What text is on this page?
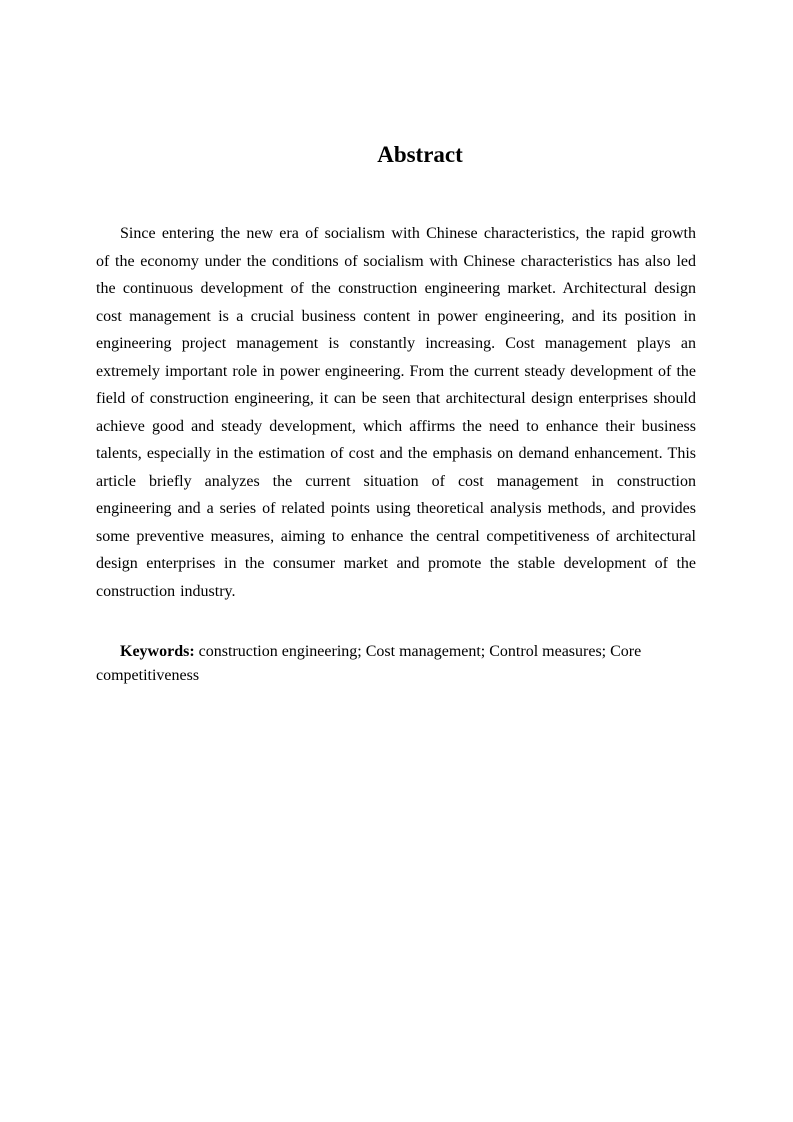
Abstract

Since entering the new era of socialism with Chinese characteristics, the rapid growth of the economy under the conditions of socialism with Chinese characteristics has also led the continuous development of the construction engineering market. Architectural design cost management is a crucial business content in power engineering, and its position in engineering project management is constantly increasing. Cost management plays an extremely important role in power engineering. From the current steady development of the field of construction engineering, it can be seen that architectural design enterprises should achieve good and steady development, which affirms the need to enhance their business talents, especially in the estimation of cost and the emphasis on demand enhancement. This article briefly analyzes the current situation of cost management in construction engineering and a series of related points using theoretical analysis methods, and provides some preventive measures, aiming to enhance the central competitiveness of architectural design enterprises in the consumer market and promote the stable development of the construction industry.

Keywords: construction engineering; Cost management; Control measures; Core competitiveness
